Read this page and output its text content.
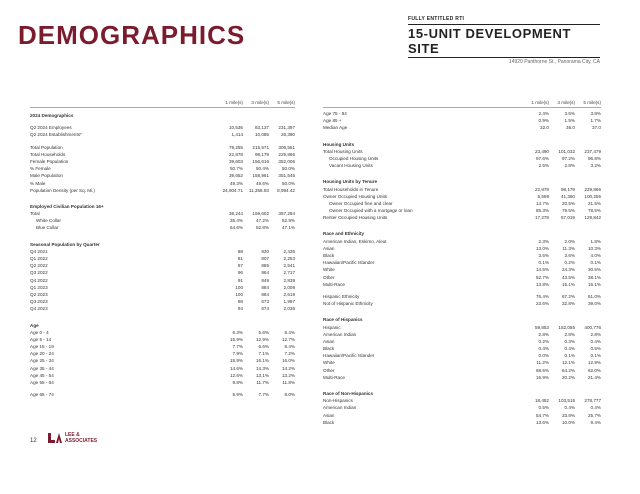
DEMOGRAPHICS
FULLY ENTITLED RTI
15-UNIT DEVELOPMENT SITE
14920 Panthorne St., Panorama City, CA
1 mile(s)	3 mile(s)	5 mile(s)
2024 Demographics
Q2 2024 Employees	10,536	83,137	231,397
Q2 2024 Establishments*	1,414	10,085	26,390
Total Population	79,255	215,571	306,551
Total Households	22,878	98,179	229,866
Female Population	39,603	156,616	352,006
% Female	50.7%	50.4%	50.0%
Male Population	39,652	158,961	351,545
% Male	49.3%	49.6%	50.0%
Population Density (per Sq. Mi.)	24,904.71	11,358.93	8,994.42
Employed Civilian Population 16+
Total	38,244	159,602	357,284
White Collar	35.4%	47.2%	52.9%
Blue Collar	64.6%	52.8%	47.1%
Seasonal Population by Quarter
Q4 2021	88	930	2,435
Q1 2022	81	807	2,253
Q2 2022	87	885	2,541
Q3 2022	96	964	2,717
Q4 2022	91	849	2,839
Q1 2023	100	884	2,009
Q2 2023	100	884	2,619
Q3 2023	98	673	1,997
Q4 2023	94	674	2,036
Age
Age 0 - 4	6.3%	5.6%	5.4%
Age 5 - 14	15.9%	12.9%	12.7%
Age 15 - 19	7.7%	6.6%	6.4%
Age 20 - 24	7.9%	7.1%	7.2%
Age 25 - 34	15.9%	16.1%	16.0%
Age 35 - 44	14.6%	14.3%	14.2%
Age 45 - 54	12.6%	13.1%	13.2%
Age 55 - 64	9.8%	11.7%	11.8%
Age 65 - 74	5.9%	7.7%	8.0%
1 mile(s)	3 mile(s)	5 mile(s)
Age 75 - 84	2.4%	3.5%	3.8%
Age 85 +	0.9%	1.5%	1.7%
Median Age	32.0	36.0	37.0
Housing Units
Total Housing Units	23,490	101,032	237,479
Occupied Housing Units	97.6%	97.2%	96.8%
Vacant Housing Units	2.5%	2.8%	3.2%
Housing Units by Tenure
Total Households in Tenure	22,878	98,179	229,866
Owner Occupied Housing Units	5,598	41,360	100,255
Owner Occupied free and clear	14.7%	20.5%	21.5%
Owner Occupied with a mortgage or loan	85.3%	79.5%	78.5%
Renter Occupied Housing Units	17,278	57,019	129,842
Race and Ethnicity
American Indian, Eskimo, Aleut	2.3%	2.0%	1.8%
Asian	13.0%	11.3%	10.3%
Black	3.5%	3.6%	4.0%
Hawaiian/Pacific Islander	0.1%	0.2%	0.1%
White	14.5%	24.3%	30.5%
Other	52.7%	43.5%	38.1%
Multi-Race	13.8%	15.1%	15.1%
Hispanic Ethnicity	76.4%	67.2%	61.0%
Not of Hispanic Ethnicity	23.6%	32.8%	39.0%
Race of Hispanics
Hispanic	59,853	152,055	400,776
American Indian	2.8%	2.8%	2.8%
Asian	0.2%	0.3%	0.4%
Black	0.4%	0.4%	0.5%
Hawaiian/Pacific Islander	0.0%	0.1%	0.1%
White	11.2%	12.1%	12.9%
Other	68.5%	64.2%	62.0%
Multi-Race	16.9%	20.2%	21.4%
Race of Non-Hispanics
Non-Hispanics	18,452	103,515	278,777
American Indian	0.5%	0.4%	0.4%
Asian	54.7%	33.8%	25.7%
Black	13.6%	10.0%	9.4%
12
LEE &
ASSOCIATES
